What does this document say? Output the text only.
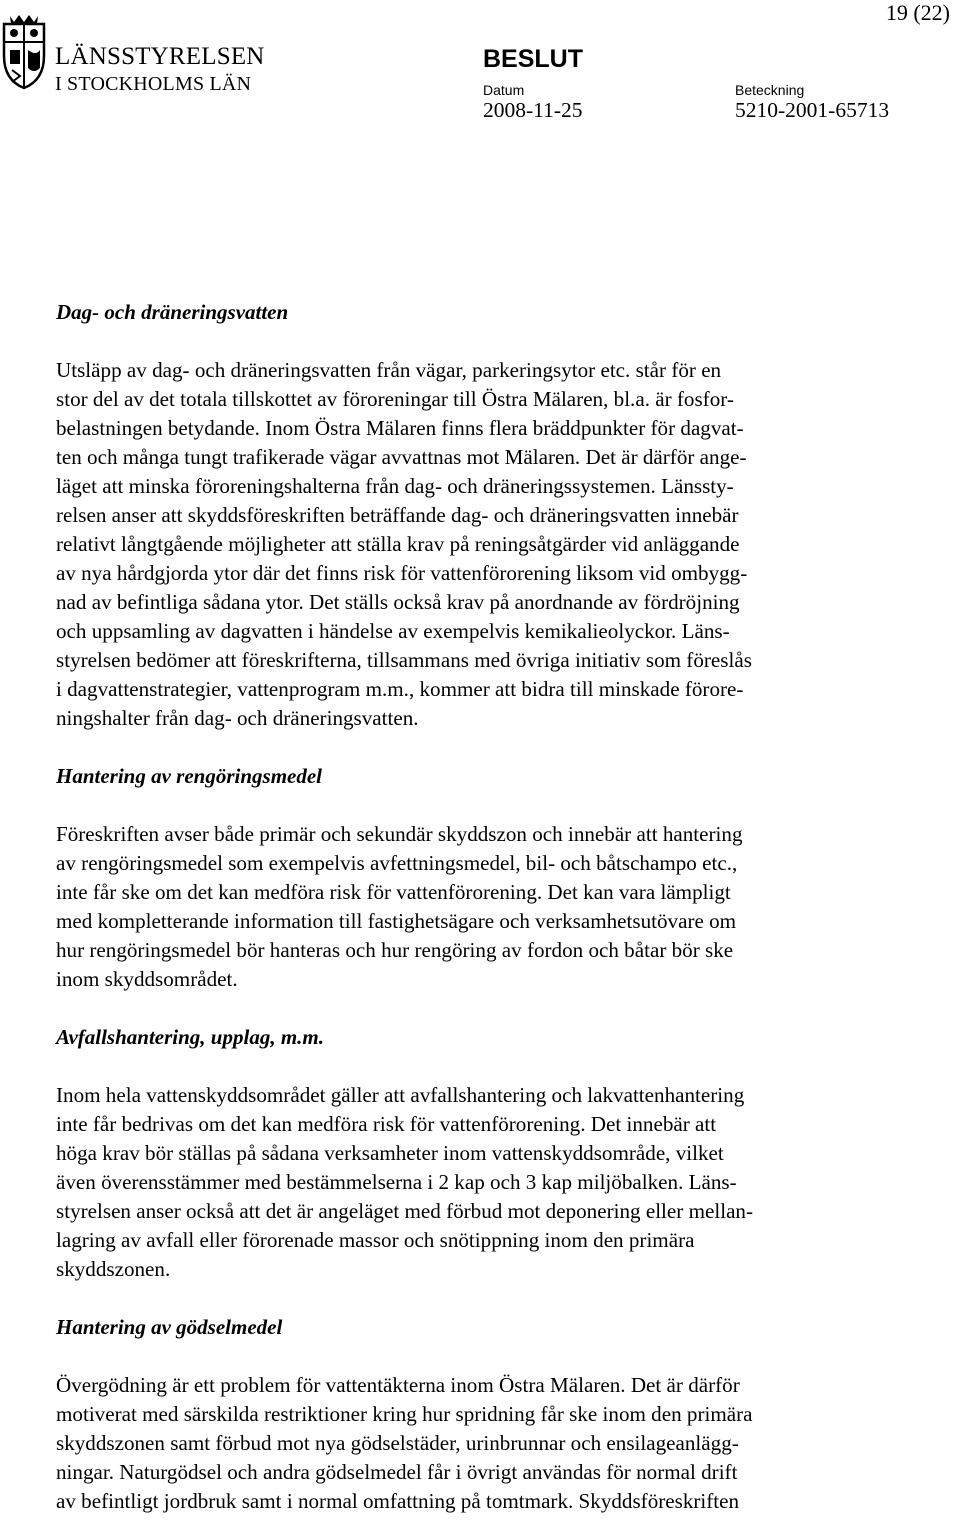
LÄNSSTYRELSEN
I STOCKHOLMS LÄN
19 (22)
BESLUT
Datum
2008-11-25
Beteckning
5210-2001-65713
Dag- och dräneringsvatten
Utsläpp av dag- och dräneringsvatten från vägar, parkeringsytor etc. står för en
stor del av det totala tillskottet av föroreningar till Östra Mälaren, bl.a. är fosfor-
belastningen betydande. Inom Östra Mälaren finns flera bräddpunkter för dagvat-
ten och många tungt trafikerade vägar avvattnas mot Mälaren. Det är därför ange-
läget att minska föroreningshalterna från dag- och dräneringssystemen. Länssty-
relsen anser att skyddsföreskriften beträffande dag- och dräneringsvatten innebär
relativt långtgående möjligheter att ställa krav på reningsåtgärder vid anläggande
av nya hårdgjorda ytor där det finns risk för vattenförorening liksom vid ombygg-
nad av befintliga sådana ytor. Det ställs också krav på anordnande av fördröjning
och uppsamling av dagvatten i händelse av exempelvis kemikalieolyckor. Läns-
styrelsen bedömer att föreskrifterna, tillsammans med övriga initiativ som föreslås
i dagvattenstrategier, vattenprogram m.m., kommer att bidra till minskade förore-
ningshalter från dag- och dräneringsvatten.
Hantering av rengöringsmedel
Föreskriften avser både primär och sekundär skyddszon och innebär att hantering
av rengöringsmedel som exempelvis avfettningsmedel, bil- och båtschampo etc.,
inte får ske om det kan medföra risk för vattenförorening. Det kan vara lämpligt
med kompletterande information till fastighetsägare och verksamhetsutövare om
hur rengöringsmedel bör hanteras och hur rengöring av fordon och båtar bör ske
inom skyddsområdet.
Avfallshantering, upplag, m.m.
Inom hela vattenskyddsområdet gäller att avfallshantering och lakvattenhantering
inte får bedrivas om det kan medföra risk för vattenförorening. Det innebär att
höga krav bör ställas på sådana verksamheter inom vattenskyddsområde, vilket
även överensstämmer med bestämmelserna i 2 kap och 3 kap miljöbalken. Läns-
styrelsen anser också att det är angeläget med förbud mot deponering eller mellan-
lagring av avfall eller förorenade massor och snötippning inom den primära
skyddszonen.
Hantering av gödselmedel
Övergödning är ett problem för vattentäkterna inom Östra Mälaren. Det är därför
motiverat med särskilda restriktioner kring hur spridning får ske inom den primära
skyddszonen samt förbud mot nya gödselstäder, urinbrunnar och ensilageanlägg-
ningar. Naturgödsel och andra gödselmedel får i övrigt användas för normal drift
av befintligt jordbruk samt i normal omfattning på tomtmark. Skyddsföreskriften
